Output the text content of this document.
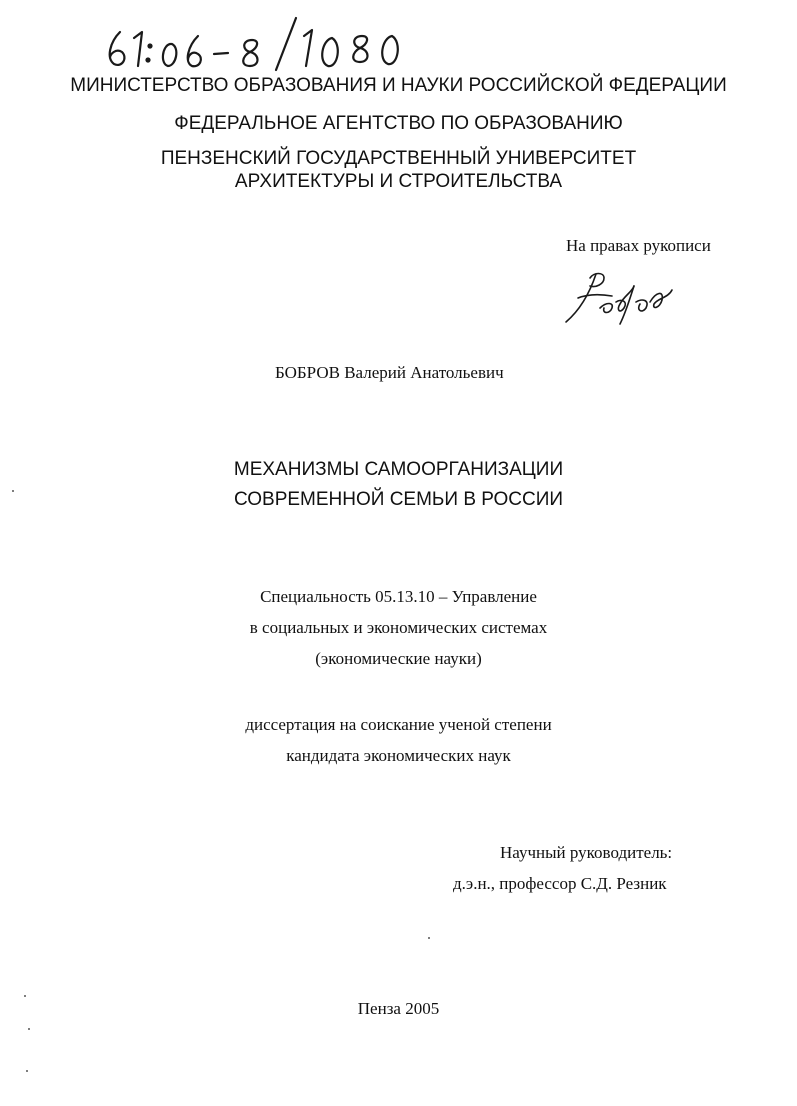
МИНИСТЕРСТВО ОБРАЗОВАНИЯ И НАУКИ РОССИЙСКОЙ ФЕДЕРАЦИИ
ФЕДЕРАЛЬНОЕ АГЕНТСТВО ПО ОБРАЗОВАНИЮ
ПЕНЗЕНСКИЙ ГОСУДАРСТВЕННЫЙ УНИВЕРСИТЕТ
АРХИТЕКТУРЫ И СТРОИТЕЛЬСТВА
На правах рукописи
БОБРОВ Валерий Анатольевич
МЕХАНИЗМЫ САМООРГАНИЗАЦИИ
СОВРЕМЕННОЙ СЕМЬИ В РОССИИ
Специальность 05.13.10 – Управление
в социальных и экономических системах
(экономические науки)
диссертация на соискание ученой степени
кандидата экономических наук
Научный руководитель:
д.э.н., профессор С.Д. Резник
Пенза 2005
